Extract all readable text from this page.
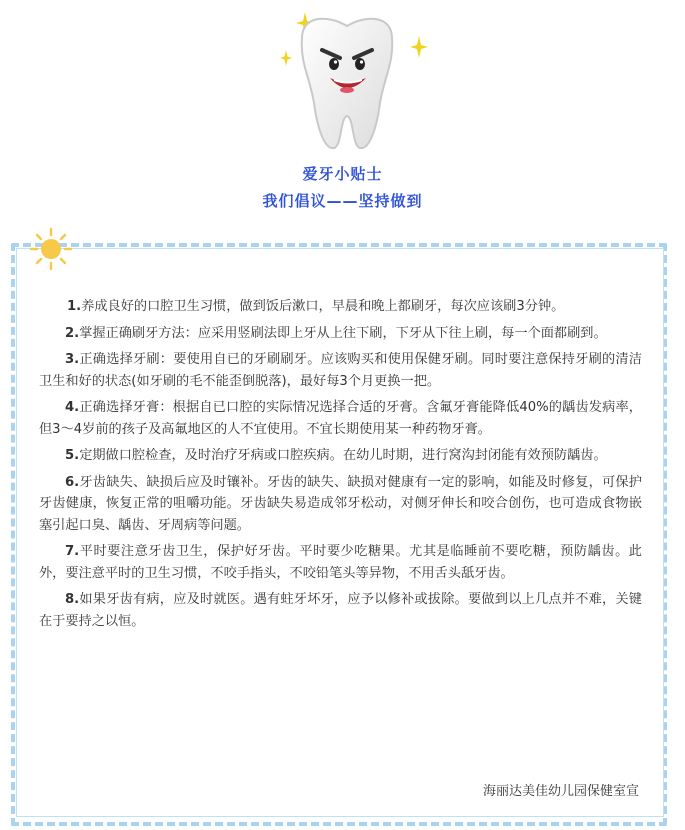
爱牙小贴士
我们倡议——坚持做到

1.养成良好的口腔卫生习惯，做到饭后漱口，早晨和晚上都刷牙，每次应该刷3分钟。

2.掌握正确刷牙方法：应采用竖刷法即上牙从上往下刷，下牙从下往上刷，每一个面都刷到。

3.正确选择牙刷：要使用自已的牙刷刷牙。应该购买和使用保健牙刷。同时要注意保持牙刷的清洁卫生和好的状态(如牙刷的毛不能歪倒脱落)，最好每3个月更换一把。

4.正确选择牙膏：根据自已口腔的实际情况选择合适的牙膏。含氟牙膏能降低40%的龋齿发病率，但3～4岁前的孩子及高氟地区的人不宜使用。不宜长期使用某一种药物牙膏。

5.定期做口腔检查，及时治疗牙病或口腔疾病。在幼儿时期，进行窝沟封闭能有效预防龋齿。

6.牙齿缺失、缺损后应及时镶补。牙齿的缺失、缺损对健康有一定的影响，如能及时修复，可保护牙齿健康，恢复正常的咀嚼功能。牙齿缺失易造成邻牙松动，对侧牙伸长和咬合创伤，也可造成食物嵌塞引起口臭、龋齿、牙周病等问题。

7.平时要注意牙齿卫生，保护好牙齿。平时要少吃糖果。尤其是临睡前不要吃糖，预防龋齿。此外，要注意平时的卫生习惯，不咬手指头，不咬铅笔头等异物，不用舌头舐牙齿。

8.如果牙齿有病，应及时就医。遇有蛀牙坏牙，应予以修补或拔除。要做到以上几点并不难，关键在于要持之以恒。

海丽达美佳幼儿园保健室宣
